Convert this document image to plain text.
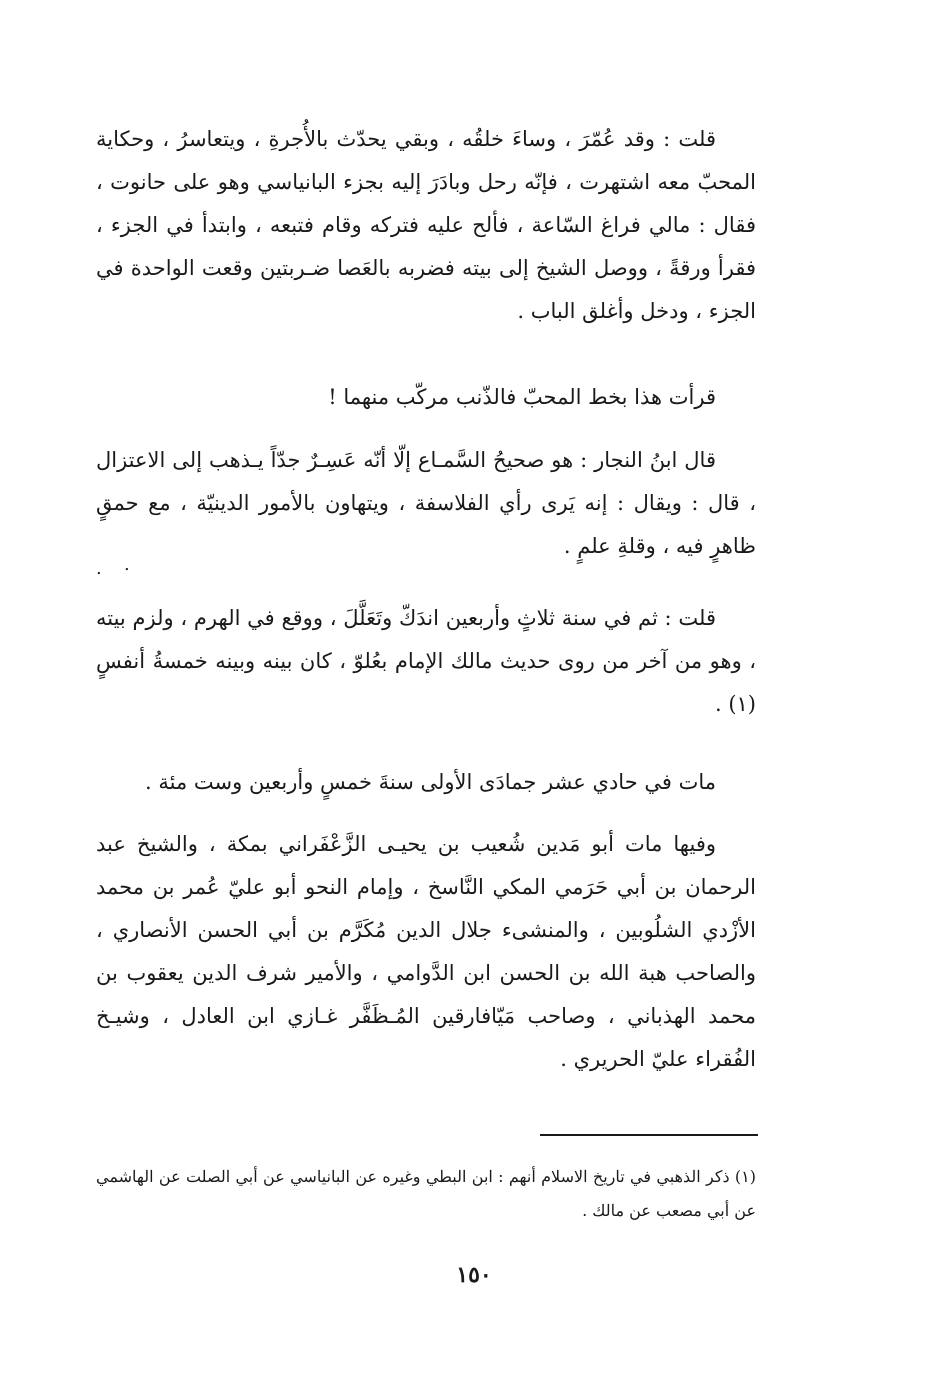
قلت : وقد عُمّرَ ، وساءَ خلقُه ، وبقي يحدّث بالأُجرةِ ، ويتعاسرُ ، وحكاية المحبّ معه اشتهرت ، فإنّه رحل وبادَرَ إليه بجزء البانياسي وهو على حانوت ، فقال : مالي فراغ السّاعة ، فألح عليه فتركه وقام فتبعه ، وابتدأ في الجزء ، فقرأ ورقةً ، ووصل الشيخ إلى بيته فضربه بالعَصا ضـربتين وقعت الواحدة في الجزء ، ودخل وأغلق الباب .

قرأت هذا بخط المحبّ فالذّنب مركّب منهما !

قال ابنُ النجار : هو صحيحُ السَّمـاع إلّا أنّه عَسِـرٌ جدّاً يـذهب إلى الاعتزال ، قال : ويقال : إنه يَرى رأي الفلاسفة ، ويتهاون بالأمور الدينيّة ، مع حمقٍ ظاهرٍ فيه ، وقلةِ علمٍ .

قلت : ثم في سنة ثلاثٍ وأربعين اندَكّ وتَعَلَّلَ ، ووقع في الهرم ، ولزم بيته ، وهو من آخر من روى حديث مالك الإمام بعُلوّ ، كان بينه وبينه خمسةُ أنفسٍ (١) .

مات في حادي عشر جمادَى الأولى سنةَ خمسٍ وأربعين وست مئة .

وفيها مات أبو مَدين شُعيب بن يحيـى الزَّعْفَراني بمكة ، والشيخ عبد الرحمان بن أبي حَرَمي المكي النَّاسخ ، وإمام النحو أبو عليّ عُمر بن محمد الأزْدي الشلُوبين ، والمنشىء جلال الدين مُكَرَّم بن أبي الحسن الأنصاري ، والصاحب هبة الله بن الحسن ابن الدَّوامي ، والأمير شرف الدين يعقوب بن محمد الهذباني ، وصاحب مَيّافارقين المُـظَفَّر غـازي ابن العادل ، وشيـخ الفُقراء عليّ الحريري .

.
.

(١) ذكر الذهبي في تاريخ الاسلام أنهم : ابن البطي وغيره عن البانياسي عن أبي الصلت عن الهاشمي عن أبي مصعب عن مالك .

١٥٠
